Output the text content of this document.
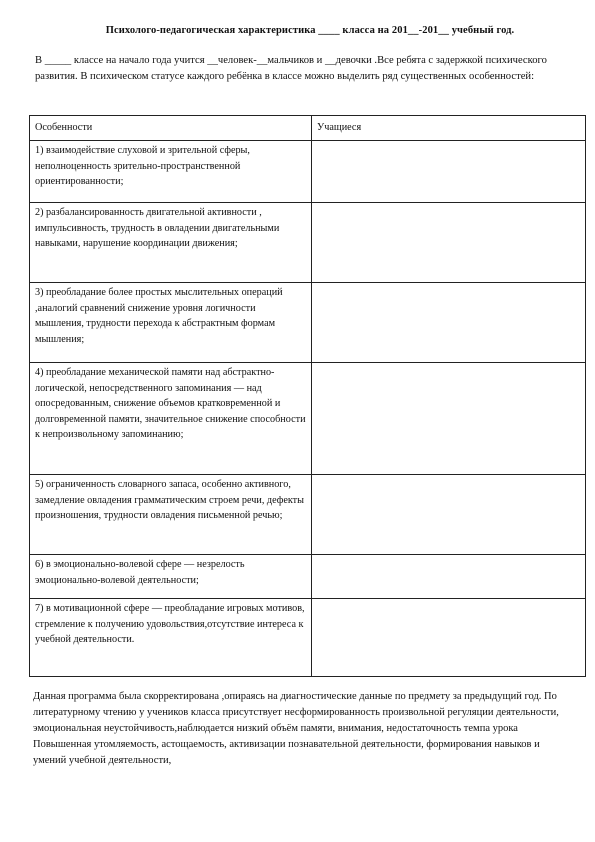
Психолого-педагогическая характеристика ____ класса на 201__-201__ учебный год.
В _____ классе на начало года учится __человек-__мальчиков и __девочки .Все ребята с задержкой психического развития. В психическом статусе каждого ребёнка в классе можно выделить ряд существенных особенностей:
Особенности	Учащиеся
1) взаимодействие слуховой и зрительной сферы, неполноценность зрительно-пространственной ориентированности;	
2) разбалансированность двигательной активности , импульсивность, трудность в овладении двигательными навыками, нарушение координации движения;	
3) преобладание более простых мыслительных операций ,аналогий сравнений снижение уровня логичности мышления, трудности перехода к абстрактным формам мышления;	
4) преобладание механической памяти над абстрактно-логической, непосредственного запоминания — над опосредованным, снижение объемов кратковременной и долговременной памяти, значительное снижение способности к непроизвольному запоминанию;	
5) ограниченность словарного запаса, особенно активного, замедление овладения грамматическим строем речи, дефекты произношения, трудности овладения письменной речью;	
6) в эмоционально-волевой сфере — незрелость эмоционально-волевой деятельности;	
7) в мотивационной сфере — преобладание игровых мотивов, стремление к получению удовольствия,отсутствие интереса к учебной деятельности.	
Данная программа была скорректирована ,опираясь на диагностические данные по предмету за предыдущий год. По литературному чтению у учеников класса присутствует несформированность произвольной регуляции деятельности, эмоциональная неустойчивость,наблюдается низкий объём памяти, внимания, недостаточность темпа урока Повышенная утомляемость, астощаемость, активизации познавательной деятельности, формирования навыков и умений учебной деятельности,
